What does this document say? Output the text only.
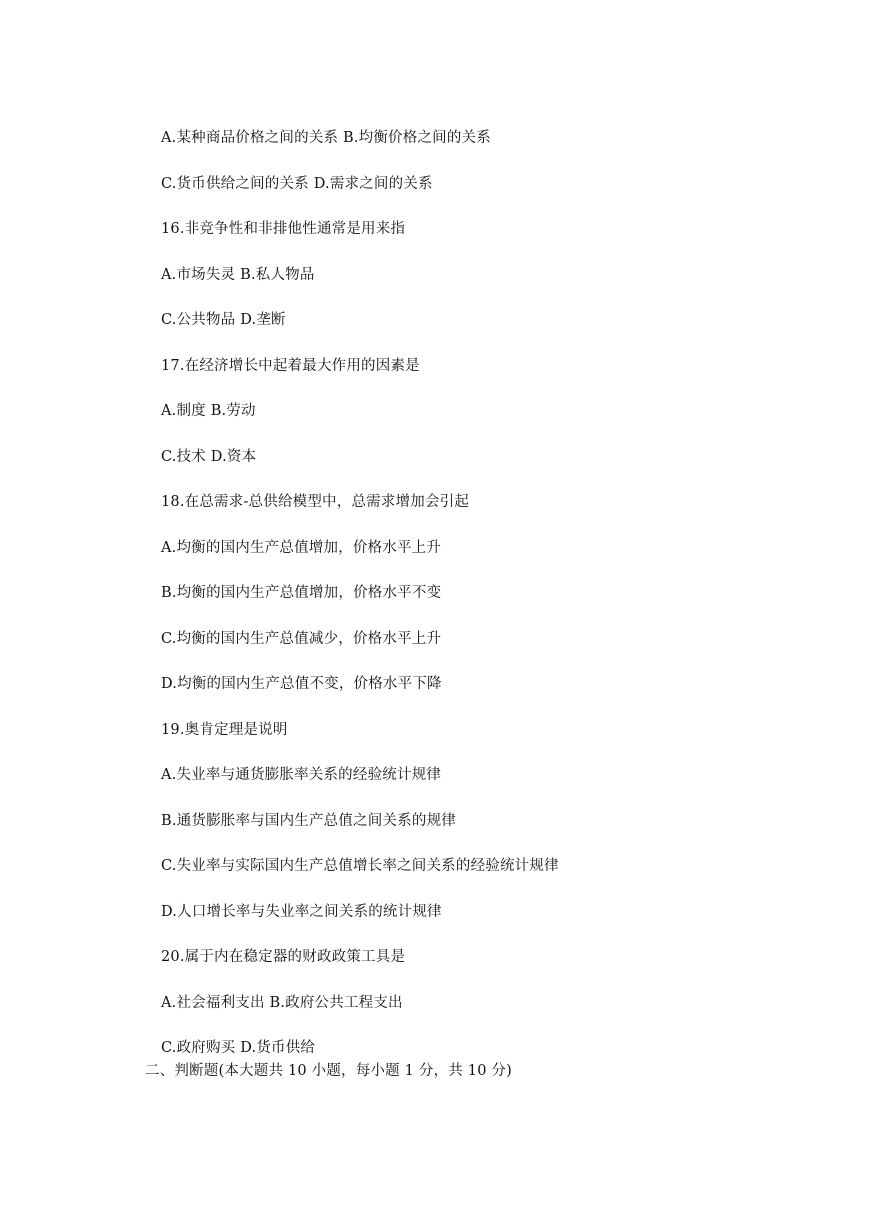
A.某种商品价格之间的关系 B.均衡价格之间的关系
C.货币供给之间的关系 D.需求之间的关系
16.非竞争性和非排他性通常是用来指
A.市场失灵 B.私人物品
C.公共物品 D.垄断
17.在经济增长中起着最大作用的因素是
A.制度 B.劳动
C.技术 D.资本
18.在总需求-总供给模型中，总需求增加会引起
A.均衡的国内生产总值增加，价格水平上升
B.均衡的国内生产总值增加，价格水平不变
C.均衡的国内生产总值减少，价格水平上升
D.均衡的国内生产总值不变，价格水平下降
19.奥肯定理是说明
A.失业率与通货膨胀率关系的经验统计规律
B.通货膨胀率与国内生产总值之间关系的规律
C.失业率与实际国内生产总值增长率之间关系的经验统计规律
D.人口增长率与失业率之间关系的统计规律
20.属于内在稳定器的财政政策工具是
A.社会福利支出 B.政府公共工程支出
C.政府购买 D.货币供给
二、判断题(本大题共 10 小题，每小题 1 分，共 10 分)
